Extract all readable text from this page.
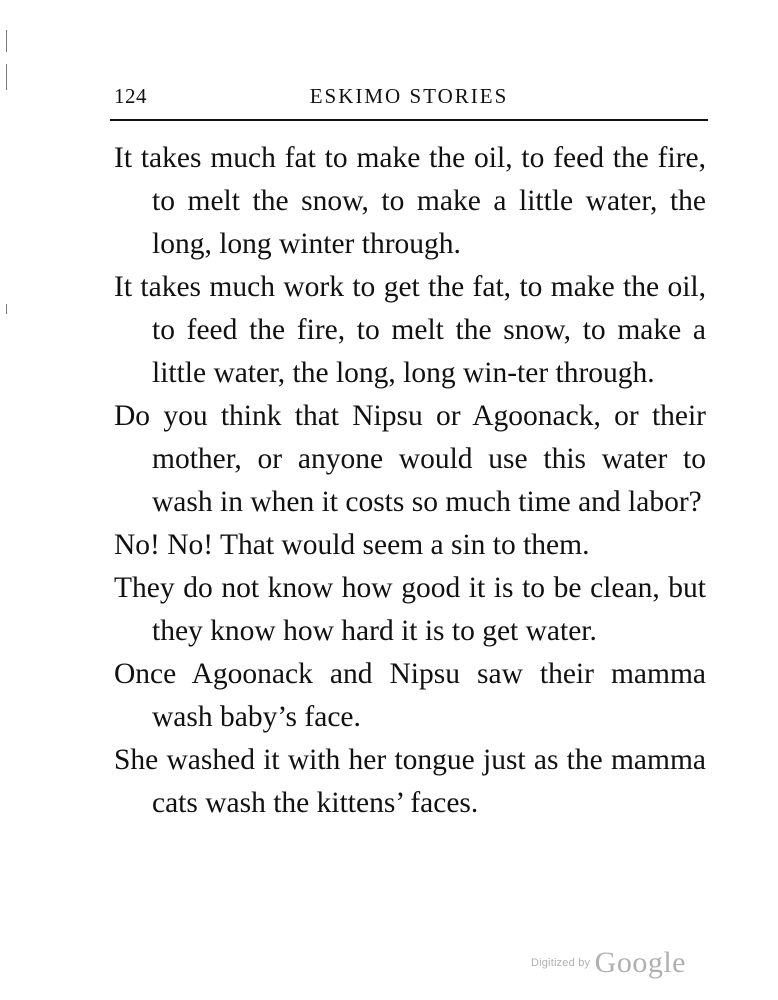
124	ESKIMO STORIES

It takes much fat to make the oil, to feed the fire, to melt the snow, to make a little water, the long, long winter through.

It takes much work to get the fat, to make the oil, to feed the fire, to melt the snow, to make a little water, the long, long win-ter through.

Do you think that Nipsu or Agoonack, or their mother, or anyone would use this water to wash in when it costs so much time and labor?

No! No! That would seem a sin to them.

They do not know how good it is to be clean, but they know how hard it is to get water.

Once Agoonack and Nipsu saw their mamma wash baby’s face.

She washed it with her tongue just as the mamma cats wash the kittens’ faces.

Digitized by Google
